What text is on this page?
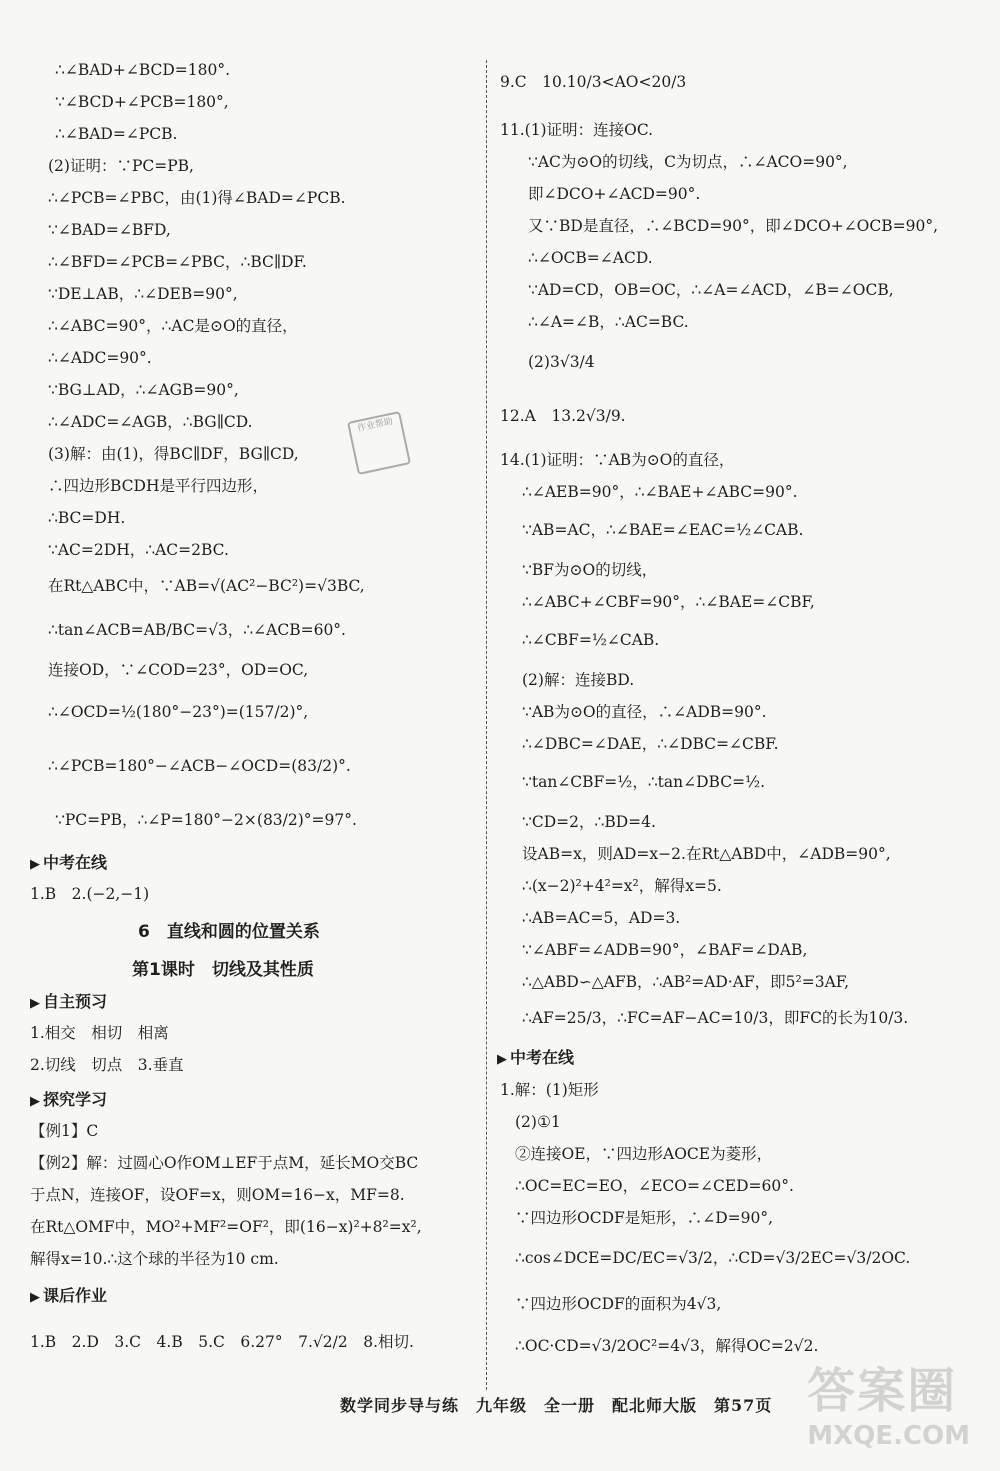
∴∠BAD+∠BCD=180°.
∵∠BCD+∠PCB=180°,
∴∠BAD=∠PCB.
(2)证明：∵PC=PB,
∴∠PCB=∠PBC，由(1)得∠BAD=∠PCB.
∵∠BAD=∠BFD,
∴∠BFD=∠PCB=∠PBC，∴BC∥DF.
∵DE⊥AB，∴∠DEB=90°,
∴∠ABC=90°，∴AC是⊙O的直径，
∴∠ADC=90°.
∵BG⊥AD，∴∠AGB=90°,
∴∠ADC=∠AGB，∴BG∥CD.
(3)解：由(1)，得BC∥DF，BG∥CD,
∴四边形BCDH是平行四边形，
∴BC=DH.
∵AC=2DH，∴AC=2BC.
在Rt△ABC中，∵AB=√(AC²−BC²)=√3BC,
∴tan∠ACB=AB/BC=√3，∴∠ACB=60°.
连接OD，∵∠COD=23°，OD=OC,
∴∠OCD=½(180°−23°)=(157/2)°,
∴∠PCB=180°−∠ACB−∠OCD=(83/2)°.
∵PC=PB，∴∠P=180°−2×(83/2)°=97°.
1.B　2.(−2,−1)
1.相交　相切　相离
2.切线　切点　3.垂直
【例1】C
【例2】解：过圆心O作OM⊥EF于点M，延长MO交BC
于点N，连接OF，设OF=x，则OM=16−x，MF=8.
在Rt△OMF中，MO²+MF²=OF²，即(16−x)²+8²=x²,
解得x=10.∴这个球的半径为10 cm.
1.B　2.D　3.C　4.B　5.C　6.27°　7.√2/2　8.相切.
9.C　10.10/3<AO<20/3
11.(1)证明：连接OC.
∵AC为⊙O的切线，C为切点，∴∠ACO=90°,
即∠DCO+∠ACD=90°.
又∵BD是直径，∴∠BCD=90°，即∠DCO+∠OCB=90°,
∴∠OCB=∠ACD.
∵AD=CD，OB=OC，∴∠A=∠ACD，∠B=∠OCB,
∴∠A=∠B，∴AC=BC.
(2)3√3/4
12.A　13.2√3/9.
14.(1)证明：∵AB为⊙O的直径，
∴∠AEB=90°，∴∠BAE+∠ABC=90°.
∵AB=AC，∴∠BAE=∠EAC=½∠CAB.
∵BF为⊙O的切线，
∴∠ABC+∠CBF=90°，∴∠BAE=∠CBF,
∴∠CBF=½∠CAB.
(2)解：连接BD.
∵AB为⊙O的直径，∴∠ADB=90°.
∴∠DBC=∠DAE，∴∠DBC=∠CBF.
∵tan∠CBF=½，∴tan∠DBC=½.
∵CD=2，∴BD=4.
设AB=x，则AD=x−2.在Rt△ABD中，∠ADB=90°,
∴(x−2)²+4²=x²，解得x=5.
∴AB=AC=5，AD=3.
∵∠ABF=∠ADB=90°，∠BAF=∠DAB,
∴△ABD∽△AFB，∴AB²=AD·AF，即5²=3AF,
∴AF=25/3，∴FC=AF−AC=10/3，即FC的长为10/3.
1.解：(1)矩形
(2)①1
②连接OE，∵四边形AOCE为菱形，
∴OC=EC=EO，∠ECO=∠CED=60°.
∵四边形OCDF是矩形，∴∠D=90°,
∴cos∠DCE=DC/EC=√3/2，∴CD=√3/2EC=√3/2OC.
∵四边形OCDF的面积为4√3,
∴OC·CD=√3/2OC²=4√3，解得OC=2√2.
▶ 中考在线
▶ 自主预习
▶ 探究学习
▶ 课后作业
▶ 中考在线
6　直线和圆的位置关系
第1课时　切线及其性质
作业帮助
数学同步导与练　九年级　全一册　配北师大版　第57页 答案圈
MXQE.COM
